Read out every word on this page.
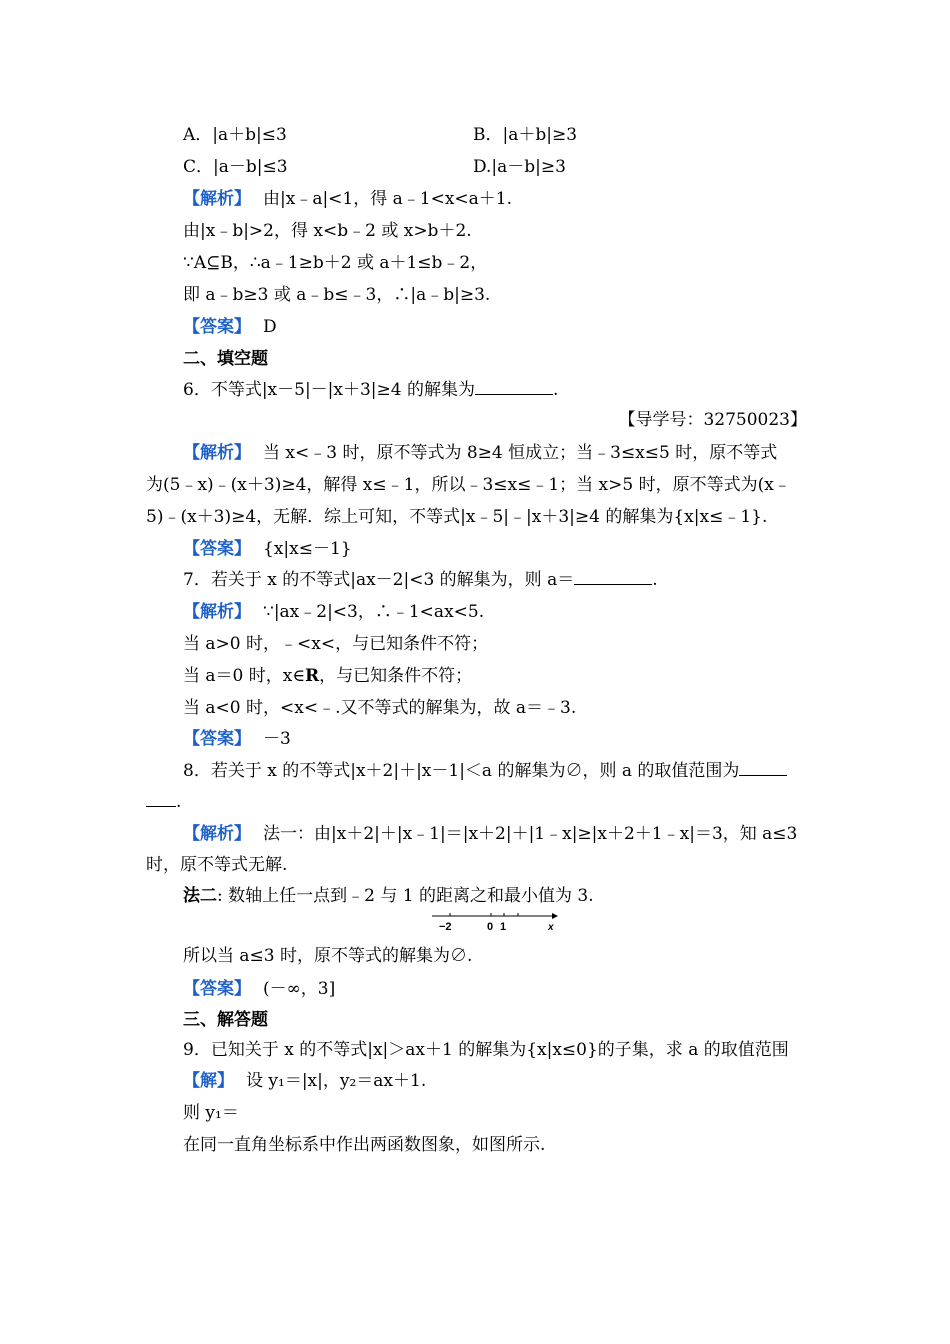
A．|a＋b|≤3	B．|a＋b|≥3
C．|a－b|≤3	D.|a－b|≥3
【解析】 由|x﹣a|<1，得 a﹣1<x<a＋1.
由|x﹣b|>2，得 x<b﹣2 或 x>b＋2.
∵A⊆B，∴a﹣1≥b＋2 或 a＋1≤b﹣2，
即 a﹣b≥3 或 a﹣b≤﹣3，∴|a﹣b|≥3.
【答案】 D
二、填空题
6．不等式|x－5|－|x＋3|≥4 的解集为	.
【导学号：32750023】
【解析】 当 x<﹣3 时，原不等式为 8≥4 恒成立；当﹣3≤x≤5 时，原不等式
为(5﹣x)﹣(x＋3)≥4，解得 x≤﹣1，所以﹣3≤x≤﹣1；当 x>5 时，原不等式为(x﹣
5)﹣(x＋3)≥4，无解．综上可知，不等式|x﹣5|﹣|x＋3|≥4 的解集为{x|x≤﹣1}.
【答案】 {x|x≤－1}
7．若关于 x 的不等式|ax－2|<3 的解集为，则 a＝	.
【解析】 ∵|ax﹣2|<3，∴﹣1<ax<5.
当 a>0 时，﹣<x<，与已知条件不符；
当 a＝0 时，x∈R，与已知条件不符；
当 a<0 时，<x<﹣.又不等式的解集为，故 a＝﹣3.
【答案】 －3
8．若关于 x 的不等式|x＋2|＋|x－1|＜a 的解集为∅，则 a 的取值范围为
.
【解析】 法一：由|x＋2|＋|x﹣1|＝|x＋2|＋|1﹣x|≥|x＋2＋1﹣x|＝3，知 a≤3
时，原不等式无解.
法二: 数轴上任一点到﹣2 与 1 的距离之和最小值为 3.
−2	0 1	x
所以当 a≤3 时，原不等式的解集为∅.
【答案】 (－∞，3]
三、解答题
9．已知关于 x 的不等式|x|＞ax＋1 的解集为{x|x≤0}的子集，求 a 的取值范围
【解】 设 y₁＝|x|，y₂＝ax＋1.
则 y₁＝
在同一直角坐标系中作出两函数图象，如图所示.
